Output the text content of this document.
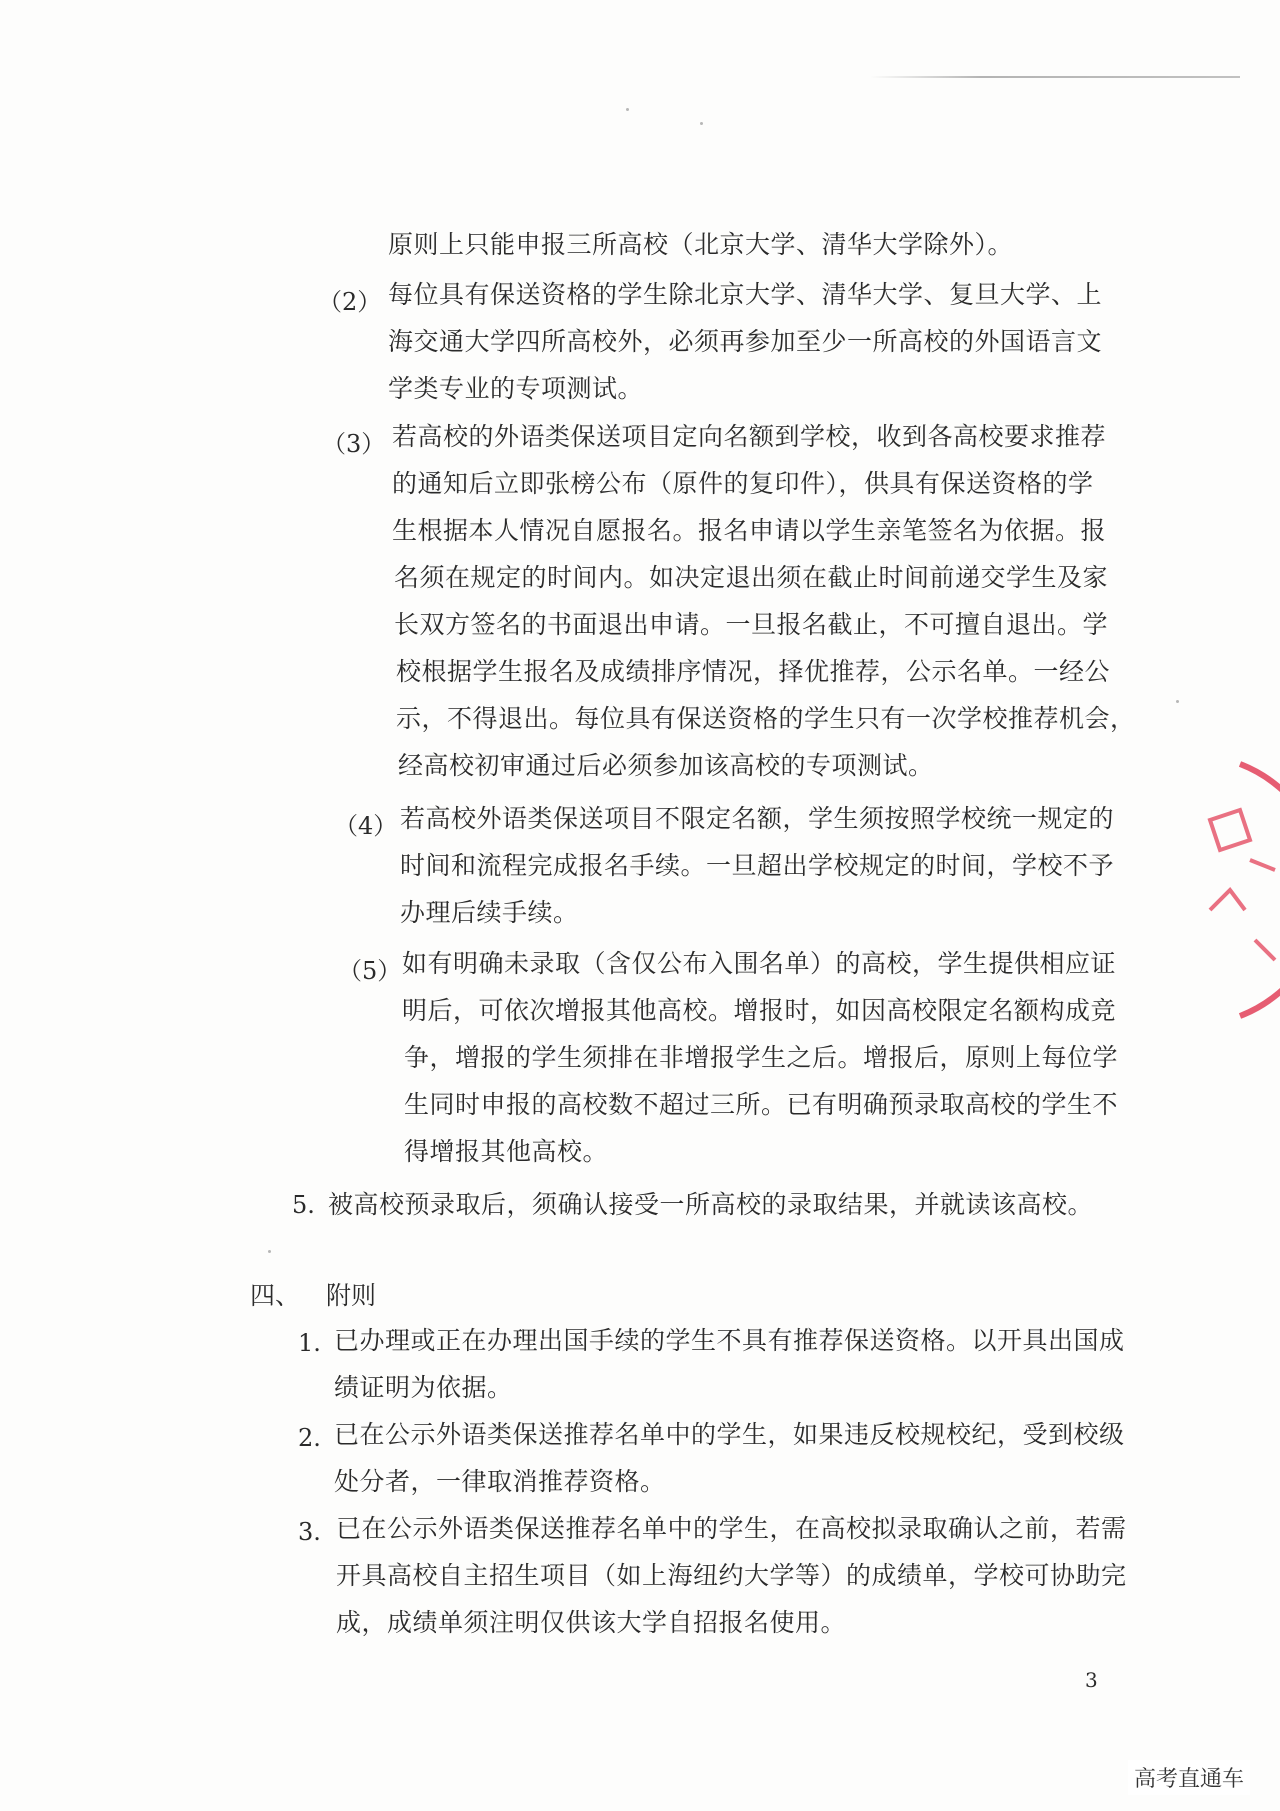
原则上只能申报三所高校（北京大学、清华大学除外）。
（2） 每位具有保送资格的学生除北京大学、清华大学、复旦大学、上
海交通大学四所高校外，必须再参加至少一所高校的外国语言文
学类专业的专项测试。
（3） 若高校的外语类保送项目定向名额到学校，收到各高校要求推荐
的通知后立即张榜公布（原件的复印件），供具有保送资格的学
生根据本人情况自愿报名。报名申请以学生亲笔签名为依据。报
名须在规定的时间内。如决定退出须在截止时间前递交学生及家
长双方签名的书面退出申请。一旦报名截止，不可擅自退出。学
校根据学生报名及成绩排序情况，择优推荐，公示名单。一经公
示，不得退出。每位具有保送资格的学生只有一次学校推荐机会，
经高校初审通过后必须参加该高校的专项测试。
（4） 若高校外语类保送项目不限定名额，学生须按照学校统一规定的
时间和流程完成报名手续。一旦超出学校规定的时间，学校不予
办理后续手续。
（5） 如有明确未录取（含仅公布入围名单）的高校，学生提供相应证
明后，可依次增报其他高校。增报时，如因高校限定名额构成竞
争，增报的学生须排在非增报学生之后。增报后，原则上每位学
生同时申报的高校数不超过三所。已有明确预录取高校的学生不
得增报其他高校。
5. 被高校预录取后，须确认接受一所高校的录取结果，并就读该高校。
四、 附则
1. 已办理或正在办理出国手续的学生不具有推荐保送资格。以开具出国成
绩证明为依据。
2. 已在公示外语类保送推荐名单中的学生，如果违反校规校纪，受到校级
处分者，一律取消推荐资格。
3. 已在公示外语类保送推荐名单中的学生，在高校拟录取确认之前，若需
开具高校自主招生项目（如上海纽约大学等）的成绩单，学校可协助完
成，成绩单须注明仅供该大学自招报名使用。
3
高考直通车
